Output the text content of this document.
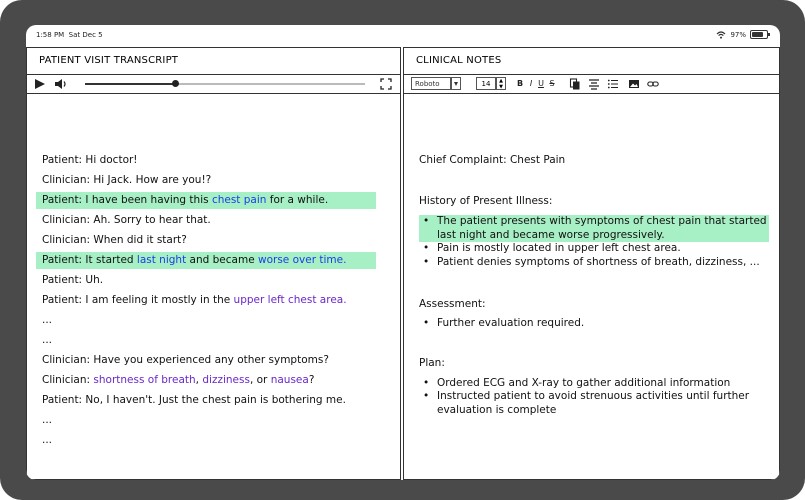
1:58 PM Sat Dec 5	97%
PATIENT VISIT TRANSCRIPT
Patient: Hi doctor!
Clinician: Hi Jack. How are you!?
Patient: I have been having this chest pain for a while.
Clinician: Ah. Sorry to hear that.
Clinician: When did it start?
Patient: It started last night and became worse over time.
Patient: Uh.
Patient: I am feeling it mostly in the upper left chest area.
...
...
Clinician: Have you experienced any other symptoms?
Clinician: shortness of breath, dizziness, or nausea?
Patient: No, I haven't. Just the chest pain is bothering me.
...
...
CLINICAL NOTES
Roboto	14	▲
▼	B I U S
Chief Complaint: Chest Pain
History of Present Illness:
• The patient presents with symptoms of chest pain that started last night and became worse progressively.
• Pain is mostly located in upper left chest area.
• Patient denies symptoms of shortness of breath, dizziness, ...
Assessment:
• Further evaluation required.
Plan:
• Ordered ECG and X-ray to gather additional information
• Instructed patient to avoid strenuous activities until further evaluation is complete
